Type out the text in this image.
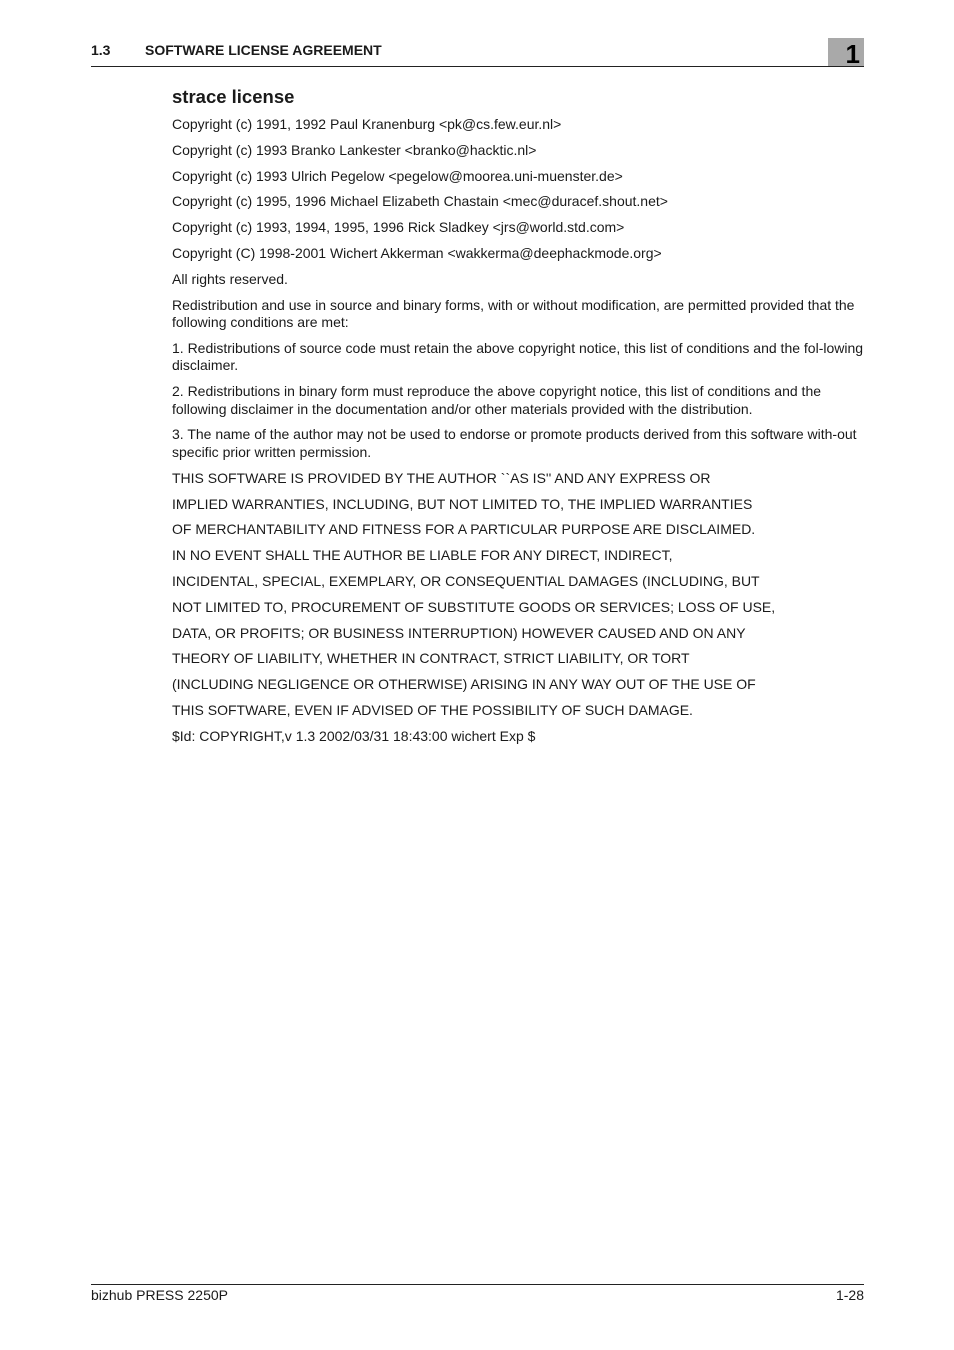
1.3 SOFTWARE LICENSE AGREEMENT	1
strace license

Copyright (c) 1991, 1992 Paul Kranenburg <pk@cs.few.eur.nl>

Copyright (c) 1993 Branko Lankester <branko@hacktic.nl>

Copyright (c) 1993 Ulrich Pegelow <pegelow@moorea.uni-muenster.de>

Copyright (c) 1995, 1996 Michael Elizabeth Chastain <mec@duracef.shout.net>

Copyright (c) 1993, 1994, 1995, 1996 Rick Sladkey <jrs@world.std.com>

Copyright (C) 1998-2001 Wichert Akkerman <wakkerma@deephackmode.org>

All rights reserved.

Redistribution and use in source and binary forms, with or without modification, are permitted provided that the following conditions are met:

1. Redistributions of source code must retain the above copyright notice, this list of conditions and the fol-lowing disclaimer.

2. Redistributions in binary form must reproduce the above copyright notice, this list of conditions and the following disclaimer in the documentation and/or other materials provided with the distribution.

3. The name of the author may not be used to endorse or promote products derived from this software with-out specific prior written permission.

THIS SOFTWARE IS PROVIDED BY THE AUTHOR ``AS IS'' AND ANY EXPRESS OR

IMPLIED WARRANTIES, INCLUDING, BUT NOT LIMITED TO, THE IMPLIED WARRANTIES

OF MERCHANTABILITY AND FITNESS FOR A PARTICULAR PURPOSE ARE DISCLAIMED.

IN NO EVENT SHALL THE AUTHOR BE LIABLE FOR ANY DIRECT, INDIRECT,

INCIDENTAL, SPECIAL, EXEMPLARY, OR CONSEQUENTIAL DAMAGES (INCLUDING, BUT

NOT LIMITED TO, PROCUREMENT OF SUBSTITUTE GOODS OR SERVICES; LOSS OF USE,

DATA, OR PROFITS; OR BUSINESS INTERRUPTION) HOWEVER CAUSED AND ON ANY

THEORY OF LIABILITY, WHETHER IN CONTRACT, STRICT LIABILITY, OR TORT

(INCLUDING NEGLIGENCE OR OTHERWISE) ARISING IN ANY WAY OUT OF THE USE OF

THIS SOFTWARE, EVEN IF ADVISED OF THE POSSIBILITY OF SUCH DAMAGE.

$Id: COPYRIGHT,v 1.3 2002/03/31 18:43:00 wichert Exp $

bizhub PRESS 2250P	1-28
